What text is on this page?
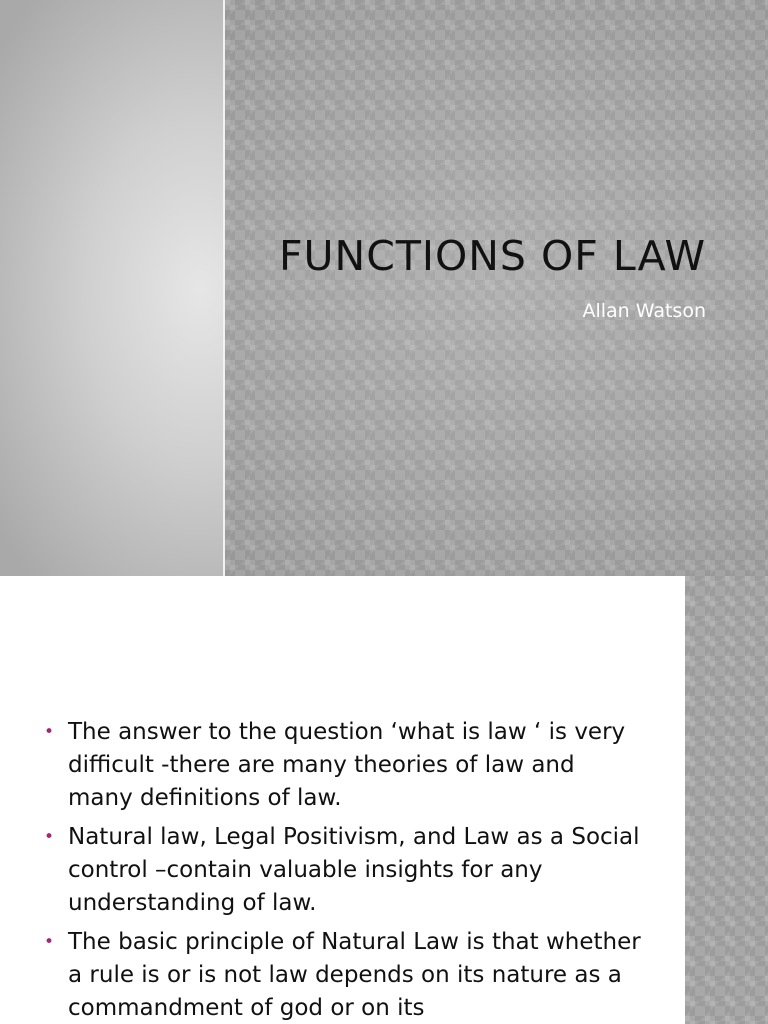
FUNCTIONS OF LAW

Allan Watson

• The answer to the question ‘what is law ‘ is very difficult -there are many theories of law and many definitions of law.
• Natural law, Legal Positivism, and Law as a Social control –contain valuable insights for any understanding of law.
• The basic principle of Natural Law is that whether a rule is or is not law depends on its nature as a commandment of god or on its
